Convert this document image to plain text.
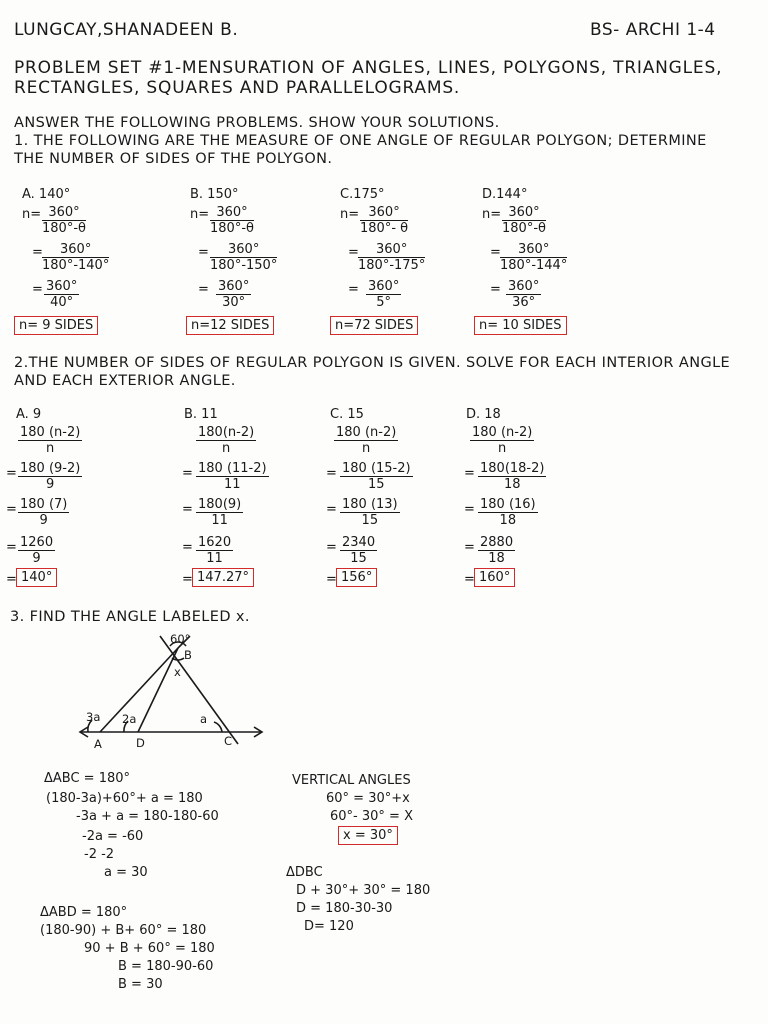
LUNGCAY,SHANADEEN B.	BS- ARCHI 1-4
PROBLEM SET #1-MENSURATION OF ANGLES, LINES, POLYGONS, TRIANGLES,
RECTANGLES, SQUARES AND PARALLELOGRAMS.
ANSWER THE FOLLOWING PROBLEMS. SHOW YOUR SOLUTIONS.
1. THE FOLLOWING ARE THE MEASURE OF ONE ANGLE OF REGULAR POLYGON; DETERMINE
THE NUMBER OF SIDES OF THE POLYGON.
A. 140°
$n= \frac{360^\circ}{180^\circ-\theta}$
= $\frac{360^\circ}{180^\circ-140^\circ}$
= $\frac{360^\circ}{40^\circ}$
n= 9 SIDES
B. 150°
$n= \frac{360^\circ}{180^\circ-\theta}$
= $\frac{360^\circ}{180^\circ-150^\circ}$
= $\frac{360^\circ}{30^\circ}$
n=12 SIDES
C.175°
$n= \frac{360^\circ}{180^\circ- \theta}$
= $\frac{360^\circ}{180^\circ-175^\circ}$
= $\frac{360^\circ}{5^\circ}$
n=72 SIDES
D.144°
$n= \frac{360^\circ}{180^\circ-\theta}$
= $\frac{360^\circ}{180^\circ-144^\circ}$
= $\frac{360^\circ}{36^\circ}$
n= 10 SIDES
2.THE NUMBER OF SIDES OF REGULAR POLYGON IS GIVEN. SOLVE FOR EACH INTERIOR ANGLE
AND EACH EXTERIOR ANGLE.
A. 9
$\frac{180 (n-2)}{n}$
= $\frac{180 (9-2)}{9}$
= $\frac{180 (7)}{9}$
= $\frac{1260}{9}$
= 140°
B. 11
$\frac{180(n-2)}{n}$
= $\frac{180 (11-2)}{11}$
= $\frac{180(9)}{11}$
= $\frac{1620}{11}$
= 147.27°
C. 15
$\frac{180 (n-2)}{n}$
= $\frac{180 (15-2)}{15}$
= $\frac{180 (13)}{15}$
= $\frac{2340}{15}$
= 156°
D. 18
$\frac{180 (n-2)}{n}$
= $\frac{180(18-2)}{18}$
= $\frac{180 (16)}{18}$
= $\frac{2880}{18}$
= 160°
3. FIND THE ANGLE LABELED x.
60°
B
x
3a 2a	a
A	D	C
ΔABC = 180°
(180-3a)+60°+ a = 180
-3a + a = 180-180-60
-2a = -60
-2 -2
a = 30
ΔABD = 180°
(180-90) + B+ 60° = 180
90 + B + 60° = 180
B = 180-90-60
B = 30
VERTICAL ANGLES
60° = 30°+x
60°- 30° = X
x = 30°
ΔDBC
D + 30°+ 30° = 180
D = 180-30-30
D= 120
